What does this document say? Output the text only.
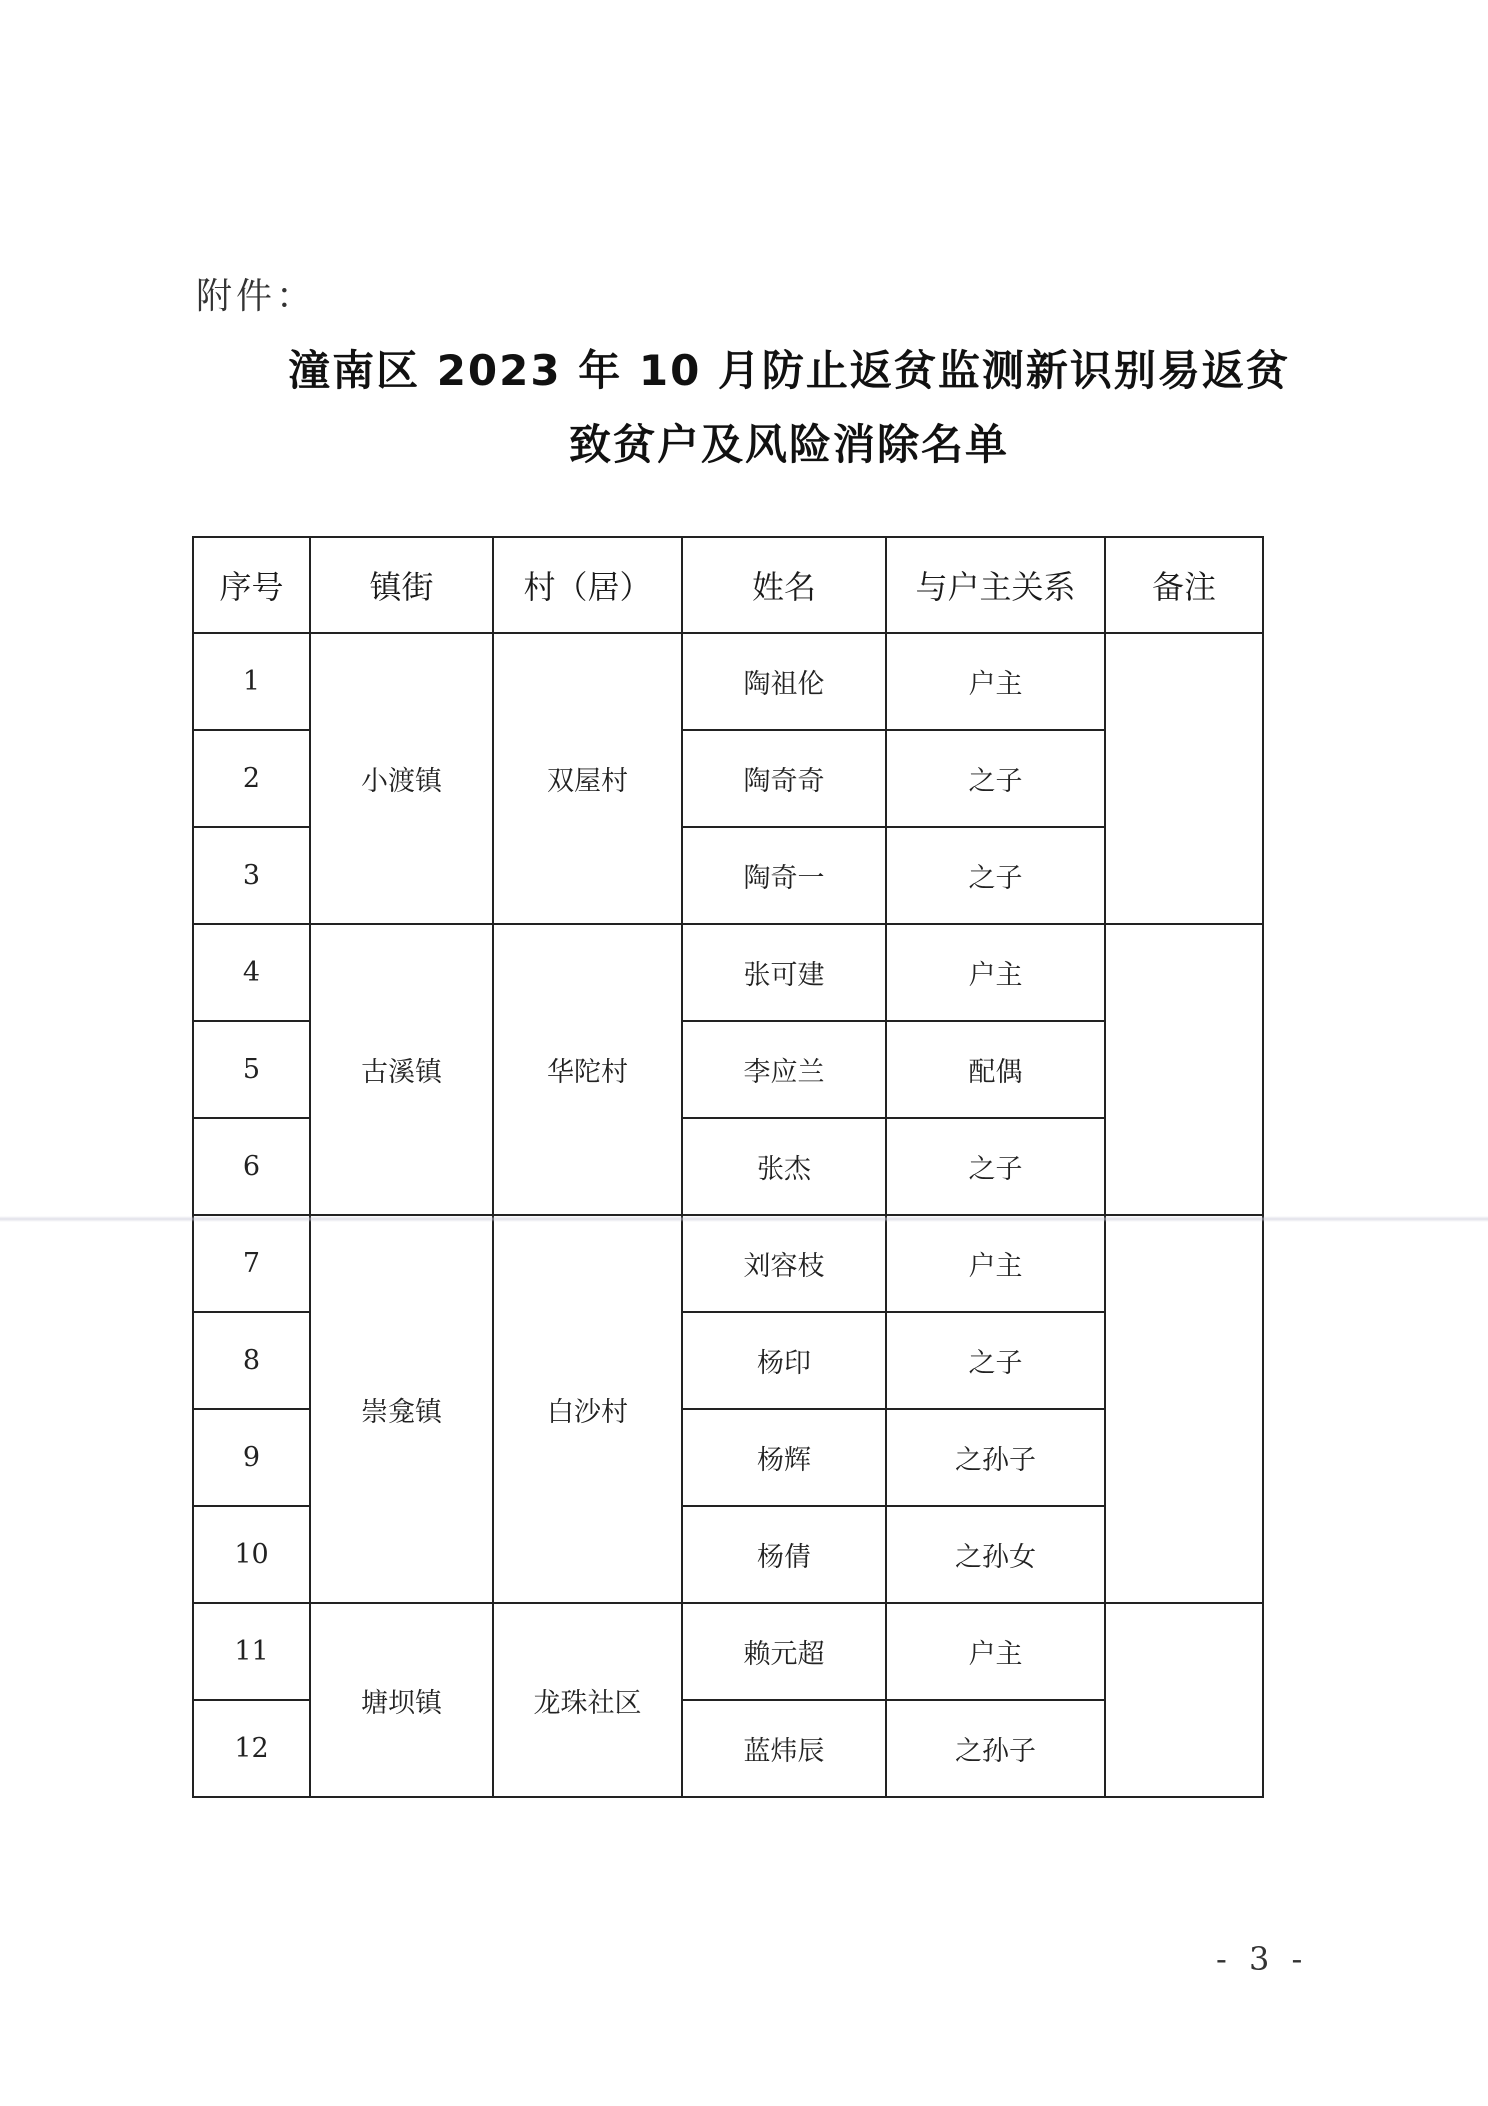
附件：
潼南区 2023 年 10 月防止返贫监测新识别易返贫
致贫户及风险消除名单
序号	镇街	村（居）	姓名	与户主关系	备注
1	小渡镇	双屋村	陶祖伦	户主	
2			陶奇奇	之子	
3			陶奇一	之子	
4	古溪镇	华陀村	张可建	户主	
5			李应兰	配偶	
6			张杰	之子	
7	崇龛镇	白沙村	刘容枝	户主	
8			杨印	之子	
9			杨辉	之孙子	
10			杨倩	之孙女	
11	塘坝镇	龙珠社区	赖元超	户主	
12			蓝炜辰	之孙子	
- 3 -
